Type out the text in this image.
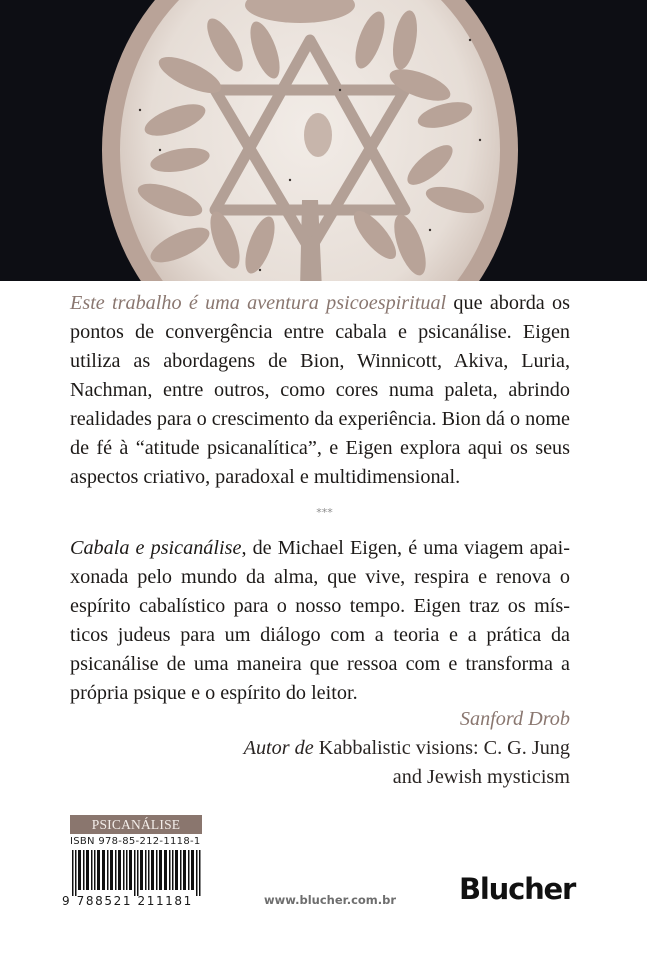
Este trabalho é uma aventura psicoespiritual que aborda os pontos de convergência entre cabala e psicanálise. Eigen utiliza as abordagens de Bion, Winnicott, Akiva, Luria, Nachman, entre outros, como cores numa paleta, abrindo realidades para o crescimento da experiência. Bion dá o nome de fé à “atitude psicanalítica”, e Eigen explora aqui os seus aspectos criativo, paradoxal e multidimensional.

***

Cabala e psicanálise, de Michael Eigen, é uma viagem apaixonada pelo mundo da alma, que vive, respira e renova o espírito cabalístico para o nosso tempo. Eigen traz os místicos judeus para um diálogo com a teoria e a prática da psicanálise de uma maneira que ressoa com e transforma a própria psique e o espírito do leitor.

Sanford Drob
Autor de Kabbalistic visions: C. G. Jung
and Jewish mysticism
PSICANÁLISE
ISBN 978-85-212-1118-1
9 788521 211181	www.blucher.com.br Blucher
